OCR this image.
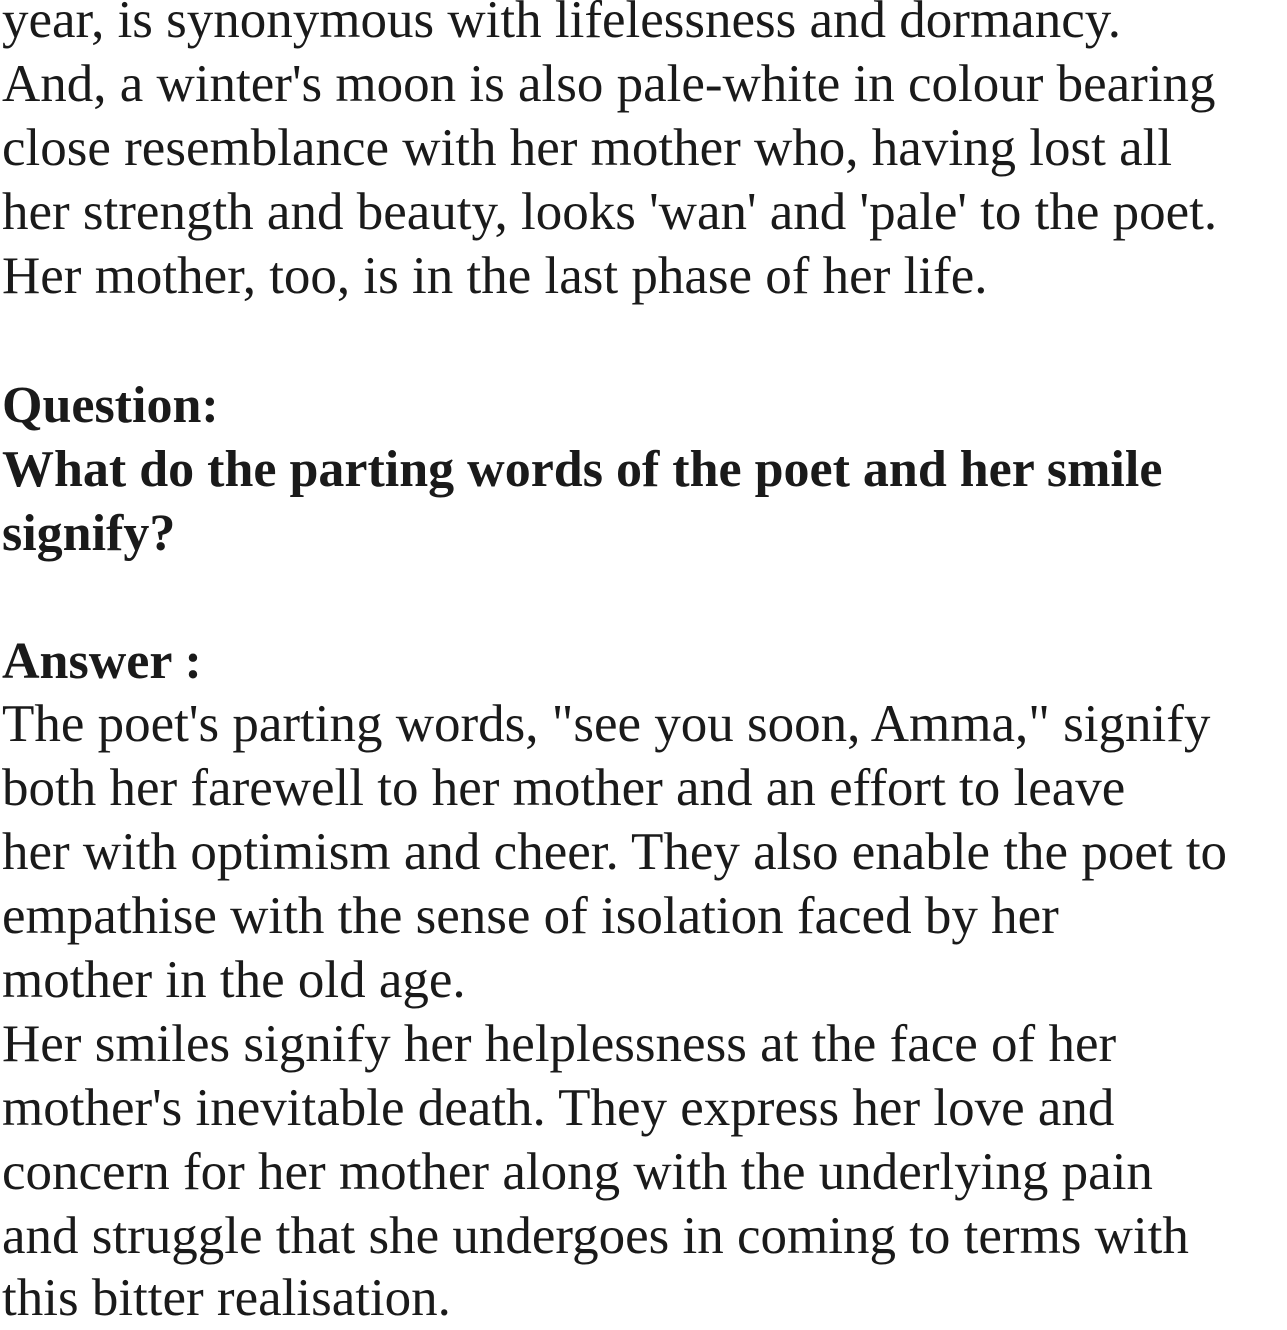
year, is synonymous with lifelessness and dormancy.
And, a winter's moon is also pale-white in colour bearing
close resemblance with her mother who, having lost all
her strength and beauty, looks 'wan' and 'pale' to the poet.
Her mother, too, is in the last phase of her life.
Question:
What do the parting words of the poet and her smile
signify?
Answer :
The poet's parting words, "see you soon, Amma," signify
both her farewell to her mother and an effort to leave
her with optimism and cheer. They also enable the poet to
empathise with the sense of isolation faced by her
mother in the old age.
Her smiles signify her helplessness at the face of her
mother's inevitable death. They express her love and
concern for her mother along with the underlying pain
and struggle that she undergoes in coming to terms with
this bitter realisation.
